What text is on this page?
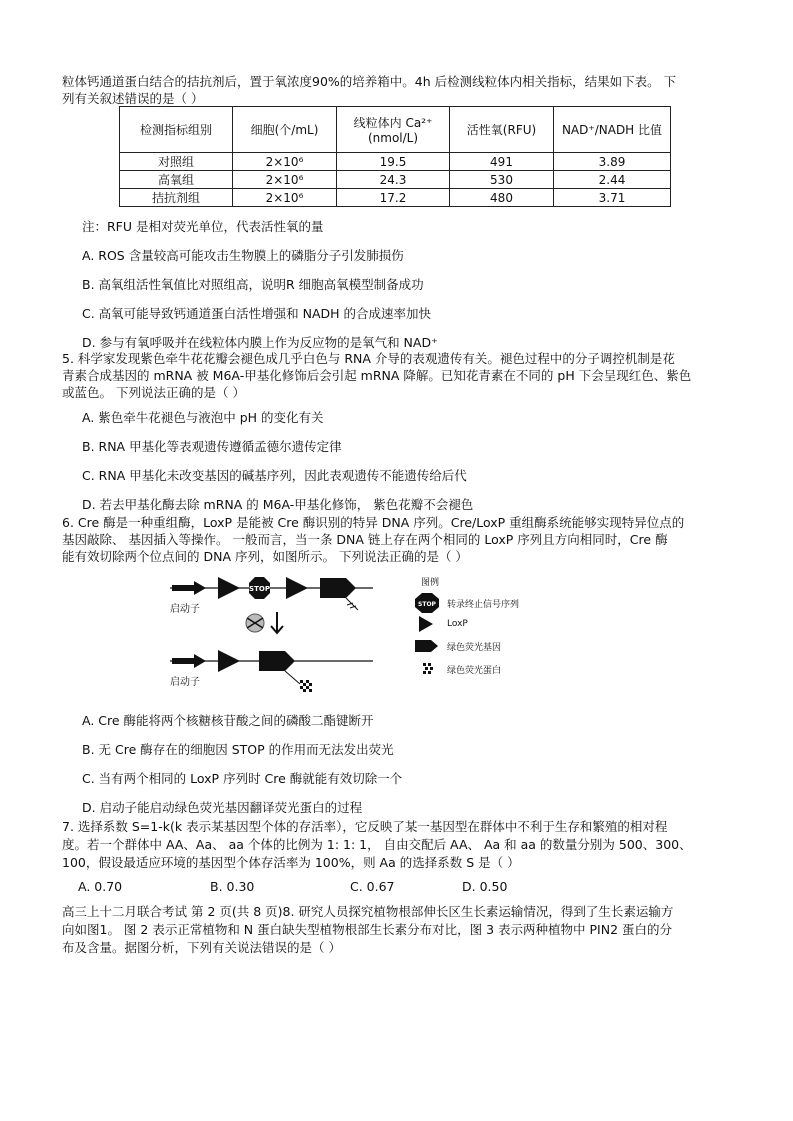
粒体钙通道蛋白结合的拮抗剂后，置于氧浓度90%的培养箱中。4h 后检测线粒体内相关指标，结果如下表。 下
列有关叙述错误的是（ ）
检测指标组别	细胞(个/mL)	线粒体内 Ca²⁺ (nmol/L)	活性氧(RFU)	NAD⁺/NADH 比值
对照组	2×10⁶	19.5	491	3.89
高氧组	2×10⁶	24.3	530	2.44
拮抗剂组	2×10⁶	17.2	480	3.71
注：RFU 是相对荧光单位，代表活性氧的量
A. ROS 含量较高可能攻击生物膜上的磷脂分子引发肺损伤
B. 高氧组活性氧值比对照组高，说明R 细胞高氧模型制备成功
C. 高氧可能导致钙通道蛋白活性增强和 NADH 的合成速率加快
D. 参与有氧呼吸并在线粒体内膜上作为反应物的是氧气和 NAD⁺
5. 科学家发现紫色牵牛花花瓣会褪色成几乎白色与 RNA 介导的表观遗传有关。褪色过程中的分子调控机制是花
青素合成基因的 mRNA 被 M6A-甲基化修饰后会引起 mRNA 降解。已知花青素在不同的 pH 下会呈现红色、紫色
或蓝色。 下列说法正确的是（ ）
A. 紫色牵牛花褪色与液泡中 pH 的变化有关
B. RNA 甲基化等表观遗传遵循孟德尔遗传定律
C. RNA 甲基化未改变基因的碱基序列，因此表观遗传不能遗传给后代
D. 若去甲基化酶去除 mRNA 的 M6A-甲基化修饰， 紫色花瓣不会褪色
6. Cre 酶是一种重组酶，LoxP 是能被 Cre 酶识别的特异 DNA 序列。Cre/LoxP 重组酶系统能够实现特异位点的
基因敲除、 基因插入等操作。 一般而言，当一条 DNA 链上存在两个相同的 LoxP 序列且方向相同时，Cre 酶
能有效切除两个位点间的 DNA 序列，如图所示。 下列说法正确的是（ ）
STOP
启动子
启动子
图例
STOP 转录终止信号序列
LoxP
绿色荧光基因
绿色荧光蛋白
A. Cre 酶能将两个核糖核苷酸之间的磷酸二酯键断开
B. 无 Cre 酶存在的细胞因 STOP 的作用而无法发出荧光
C. 当有两个相同的 LoxP 序列时 Cre 酶就能有效切除一个
D. 启动子能启动绿色荧光基因翻译荧光蛋白的过程
7. 选择系数 S=1-k(k 表示某基因型个体的存活率），它反映了某一基因型在群体中不利于生存和繁殖的相对程
度。若一个群体中 AA、Aa、 aa 个体的比例为 1: 1: 1， 自由交配后 AA、 Aa 和 aa 的数量分别为 500、300、
100，假设最适应环境的基因型个体存活率为 100%，则 Aa 的选择系数 S 是（ ）
A. 0.70	B. 0.30	C. 0.67	D. 0.50
高三上十二月联合考试 第 2 页(共 8 页)8. 研究人员探究植物根部伸长区生长素运输情况，得到了生长素运输方
向如图1。 图 2 表示正常植物和 N 蛋白缺失型植物根部生长素分布对比，图 3 表示两种植物中 PIN2 蛋白的分
布及含量。据图分析，下列有关说法错误的是（ ）
